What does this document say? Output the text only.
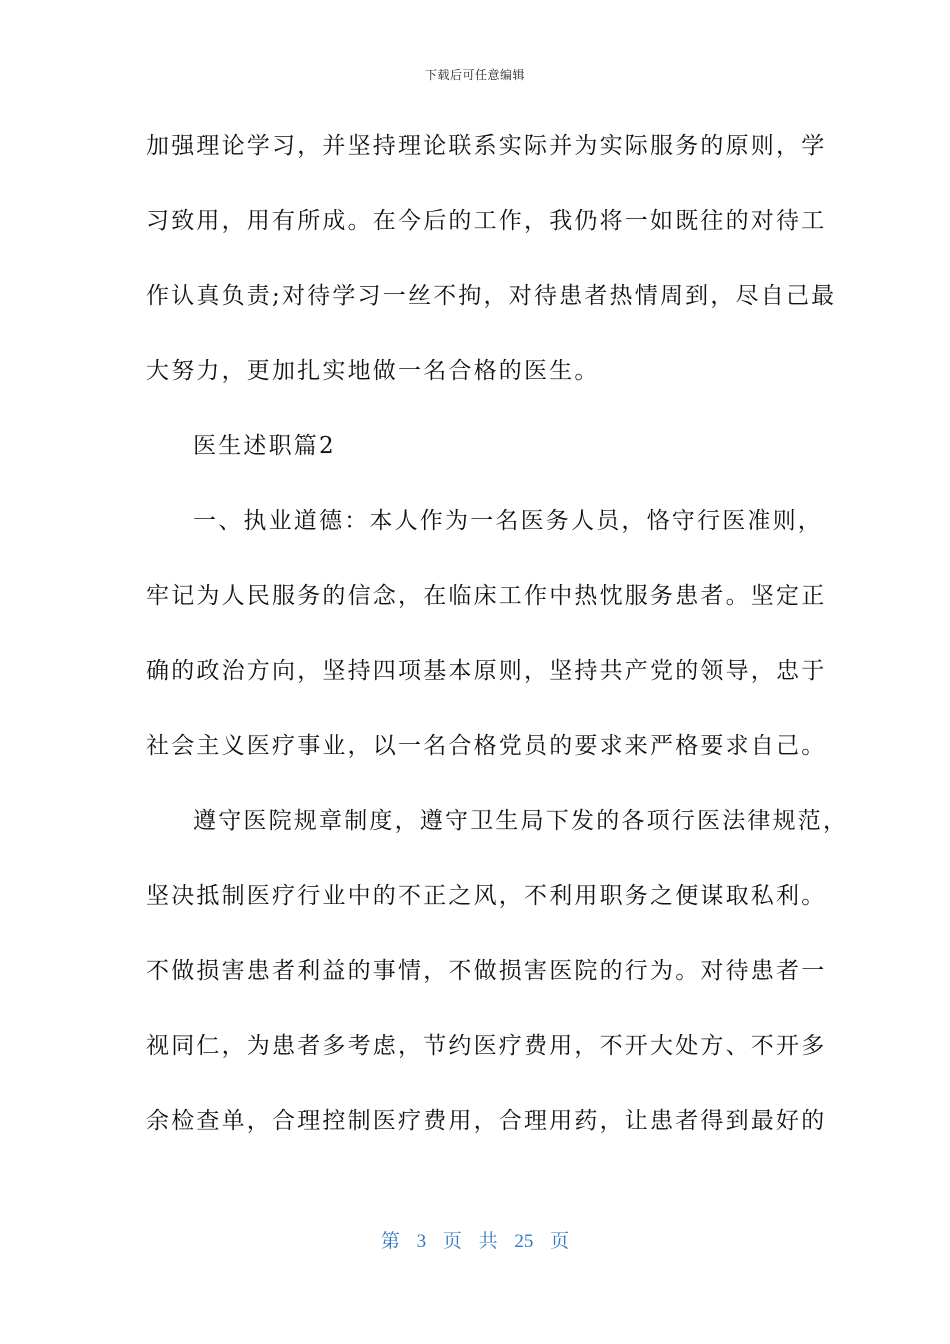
下载后可任意编辑
加强理论学习，并坚持理论联系实际并为实际服务的原则，学
习致用，用有所成。在今后的工作，我仍将一如既往的对待工
作认真负责;对待学习一丝不拘，对待患者热情周到，尽自己最
大努力，更加扎实地做一名合格的医生。
医生述职篇2
一、执业道德：本人作为一名医务人员，恪守行医准则，
牢记为人民服务的信念，在临床工作中热忱服务患者。坚定正
确的政治方向，坚持四项基本原则，坚持共产党的领导，忠于
社会主义医疗事业，以一名合格党员的要求来严格要求自己。
遵守医院规章制度，遵守卫生局下发的各项行医法律规范，
坚决抵制医疗行业中的不正之风，不利用职务之便谋取私利。
不做损害患者利益的事情，不做损害医院的行为。对待患者一
视同仁，为患者多考虑，节约医疗费用，不开大处方、不开多
余检查单，合理控制医疗费用，合理用药，让患者得到最好的
第 3 页 共 25 页
